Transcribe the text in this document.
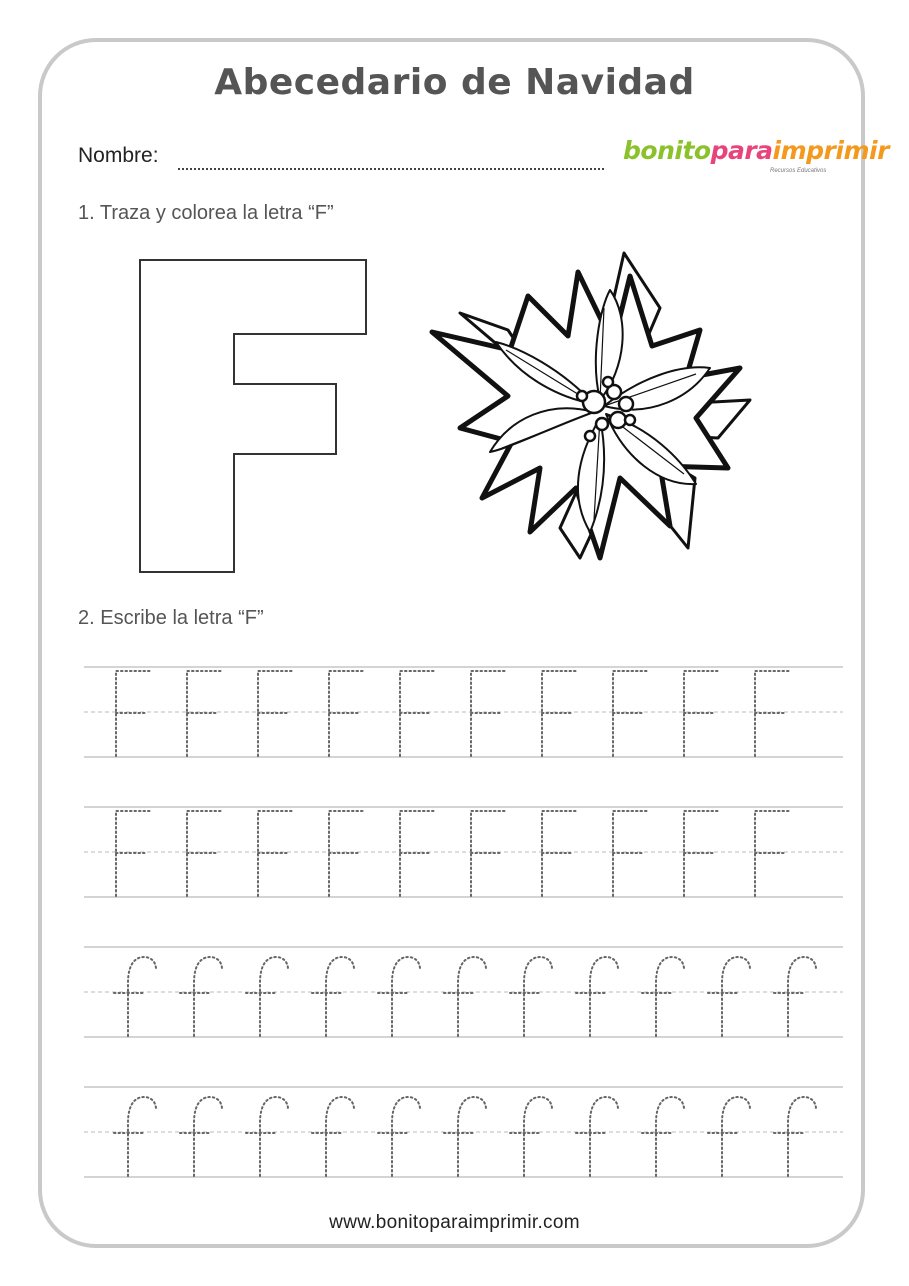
Abecedario de Navidad
Nombre:	bonitoparaimprimir
Recursos Educativos
1. Traza y colorea la letra “F”
2. Escribe la letra “F”
www.bonitoparaimprimir.com
